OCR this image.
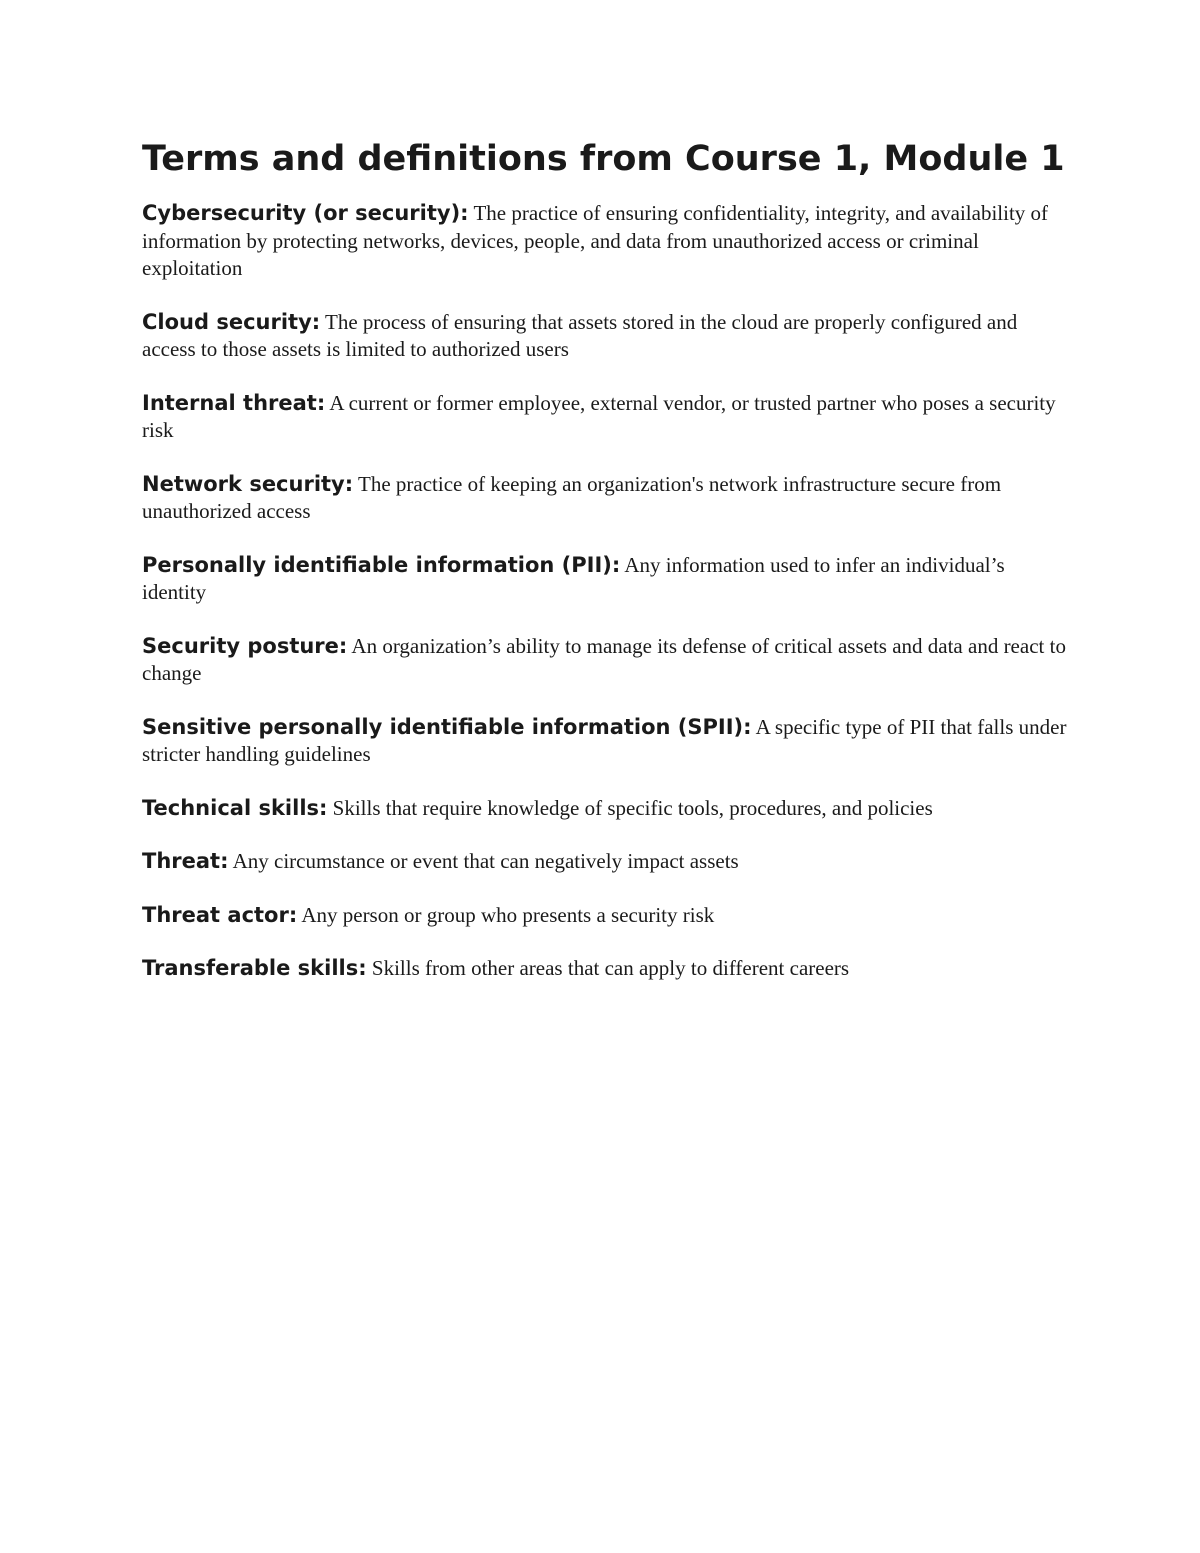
Terms and definitions from Course 1, Module 1

Cybersecurity (or security): The practice of ensuring confidentiality, integrity, and availability of information by protecting networks, devices, people, and data from unauthorized access or criminal exploitation

Cloud security: The process of ensuring that assets stored in the cloud are properly configured and access to those assets is limited to authorized users

Internal threat: A current or former employee, external vendor, or trusted partner who poses a security risk

Network security: The practice of keeping an organization's network infrastructure secure from unauthorized access

Personally identifiable information (PII): Any information used to infer an individual’s identity

Security posture: An organization’s ability to manage its defense of critical assets and data and react to change

Sensitive personally identifiable information (SPII): A specific type of PII that falls under stricter handling guidelines

Technical skills: Skills that require knowledge of specific tools, procedures, and policies

Threat: Any circumstance or event that can negatively impact assets

Threat actor: Any person or group who presents a security risk

Transferable skills: Skills from other areas that can apply to different careers
